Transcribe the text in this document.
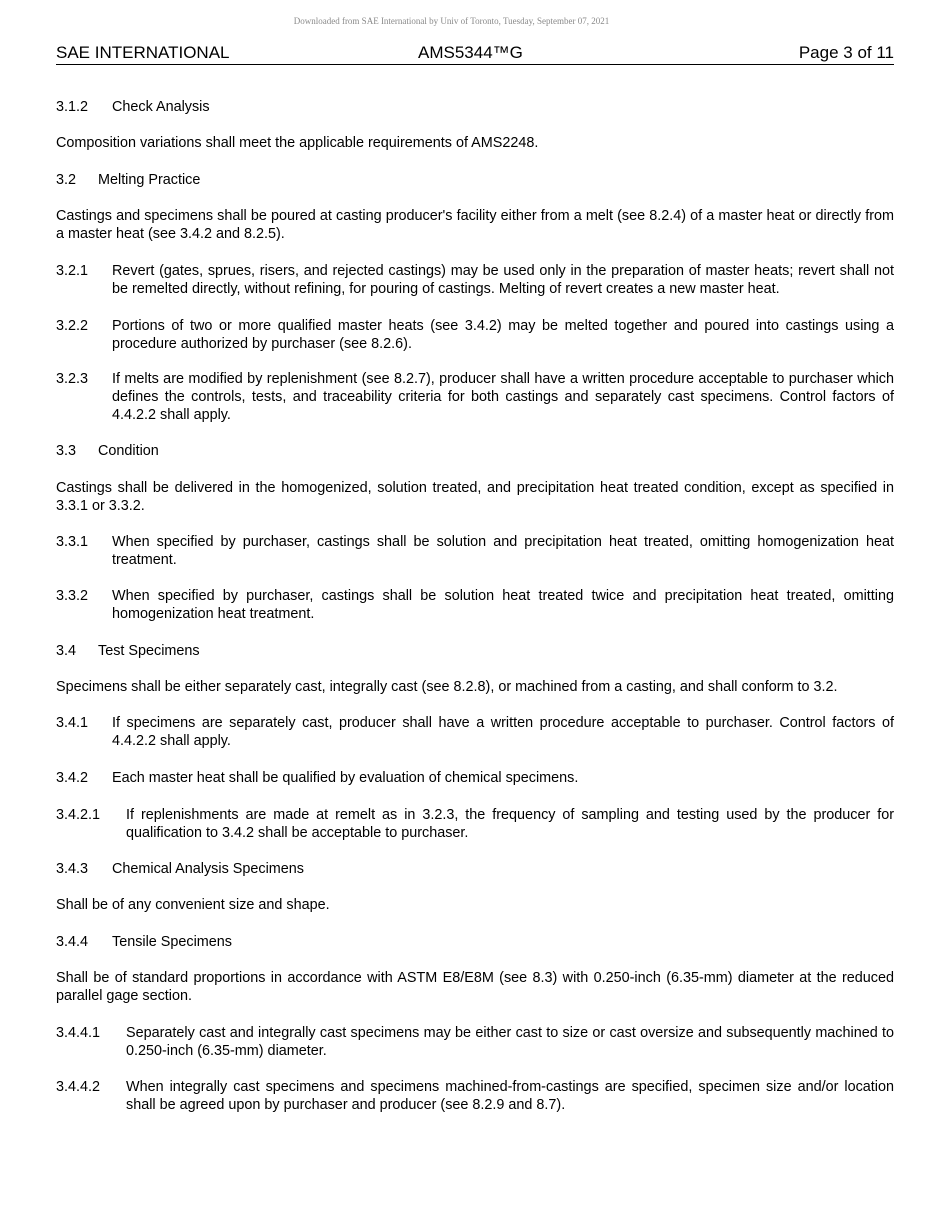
Downloaded from SAE International by Univ of Toronto, Tuesday, September 07, 2021
SAE INTERNATIONAL	AMS5344™G	Page 3 of 11
3.1.2	Check Analysis
Composition variations shall meet the applicable requirements of AMS2248.
3.2	Melting Practice
Castings and specimens shall be poured at casting producer's facility either from a melt (see 8.2.4) of a master heat or directly from a master heat (see 3.4.2 and 8.2.5).
3.2.1	Revert (gates, sprues, risers, and rejected castings) may be used only in the preparation of master heats; revert shall not be remelted directly, without refining, for pouring of castings. Melting of revert creates a new master heat.
3.2.2	Portions of two or more qualified master heats (see 3.4.2) may be melted together and poured into castings using a procedure authorized by purchaser (see 8.2.6).
3.2.3	If melts are modified by replenishment (see 8.2.7), producer shall have a written procedure acceptable to purchaser which defines the controls, tests, and traceability criteria for both castings and separately cast specimens. Control factors of 4.4.2.2 shall apply.
3.3	Condition
Castings shall be delivered in the homogenized, solution treated, and precipitation heat treated condition, except as specified in 3.3.1 or 3.3.2.
3.3.1	When specified by purchaser, castings shall be solution and precipitation heat treated, omitting homogenization heat treatment.
3.3.2	When specified by purchaser, castings shall be solution heat treated twice and precipitation heat treated, omitting homogenization heat treatment.
3.4	Test Specimens
Specimens shall be either separately cast, integrally cast (see 8.2.8), or machined from a casting, and shall conform to 3.2.
3.4.1	If specimens are separately cast, producer shall have a written procedure acceptable to purchaser. Control factors of 4.4.2.2 shall apply.
3.4.2	Each master heat shall be qualified by evaluation of chemical specimens.
3.4.2.1	If replenishments are made at remelt as in 3.2.3, the frequency of sampling and testing used by the producer for qualification to 3.4.2 shall be acceptable to purchaser.
3.4.3	Chemical Analysis Specimens
Shall be of any convenient size and shape.
3.4.4	Tensile Specimens
Shall be of standard proportions in accordance with ASTM E8/E8M (see 8.3) with 0.250-inch (6.35-mm) diameter at the reduced parallel gage section.
3.4.4.1	Separately cast and integrally cast specimens may be either cast to size or cast oversize and subsequently machined to 0.250-inch (6.35-mm) diameter.
3.4.4.2	When integrally cast specimens and specimens machined-from-castings are specified, specimen size and/or location shall be agreed upon by purchaser and producer (see 8.2.9 and 8.7).
